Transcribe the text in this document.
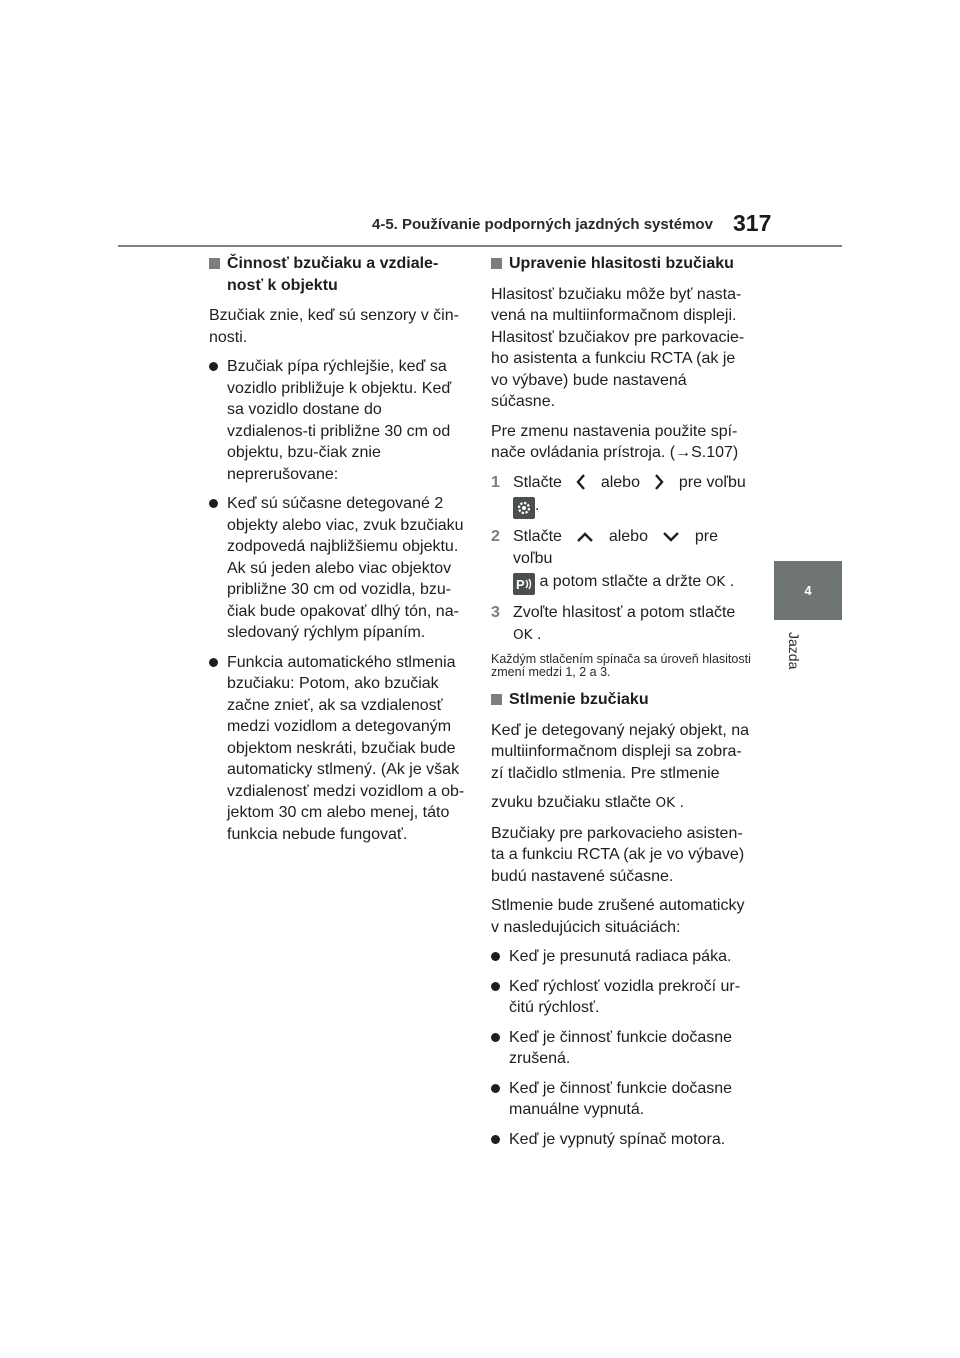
4-5. Používanie podporných jazdných systémov 317
4
Jazda
Činnosť bzučiaku a vzdiale-nosť k objektu

Bzučiak znie, keď sú senzory v čin-nosti.

Bzučiak pípa rýchlejšie, keď sa vozidlo približuje k objektu. Keď sa vozidlo dostane do vzdialenos-ti približne 30 cm od objektu, bzu-čiak znie neprerušovane:
Keď sú súčasne detegované 2 objekty alebo viac, zvuk bzučiaku zodpovedá najbližšiemu objektu. Ak sú jeden alebo viac objektov približne 30 cm od vozidla, bzu-čiak bude opakovať dlhý tón, na-sledovaný rýchlym pípaním.
Funkcia automatického stlmenia bzučiaku: Potom, ako bzučiak začne znieť, ak sa vzdialenosť medzi vozidlom a detegovaným objektom neskráti, bzučiak bude automaticky stlmený. (Ak je však vzdialenosť medzi vozidlom a ob-jektom 30 cm alebo menej, táto funkcia nebude fungovať.
Upravenie hlasitosti bzučiaku

Hlasitosť bzučiaku môže byť nasta-vená na multiinformačnom displeji. Hlasitosť bzučiakov pre parkovacie-ho asistenta a funkciu RCTA (ak je vo výbave) bude nastavená súčasne.

Pre zmenu nastavenia použite spí-nače ovládania prístroja. (→S.107)

1 Stlačte alebo pre voľbu
.
2 Stlačte	alebo	pre voľbu

P a potom stlačte a držte OK .
3 Zvoľte hlasitosť a potom stlačte
OK .
Každým stlačením spínača sa úroveň hlasitosti zmení medzi 1, 2 a 3.
Stlmenie bzučiaku

Keď je detegovaný nejaký objekt, na multiinformačnom displeji sa zobra-zí tlačidlo stlmenia. Pre stlmenie
zvuku bzučiaku stlačte OK .

Bzučiaky pre parkovacieho asisten-ta a funkciu RCTA (ak je vo výbave) budú nastavené súčasne.

Stlmenie bude zrušené automaticky v nasledujúcich situáciách:

Keď je presunutá radiaca páka.
Keď rýchlosť vozidla prekročí ur-čitú rýchlosť.
Keď je činnosť funkcie dočasne zrušená.
Keď je činnosť funkcie dočasne manuálne vypnutá.
Keď je vypnutý spínač motora.
